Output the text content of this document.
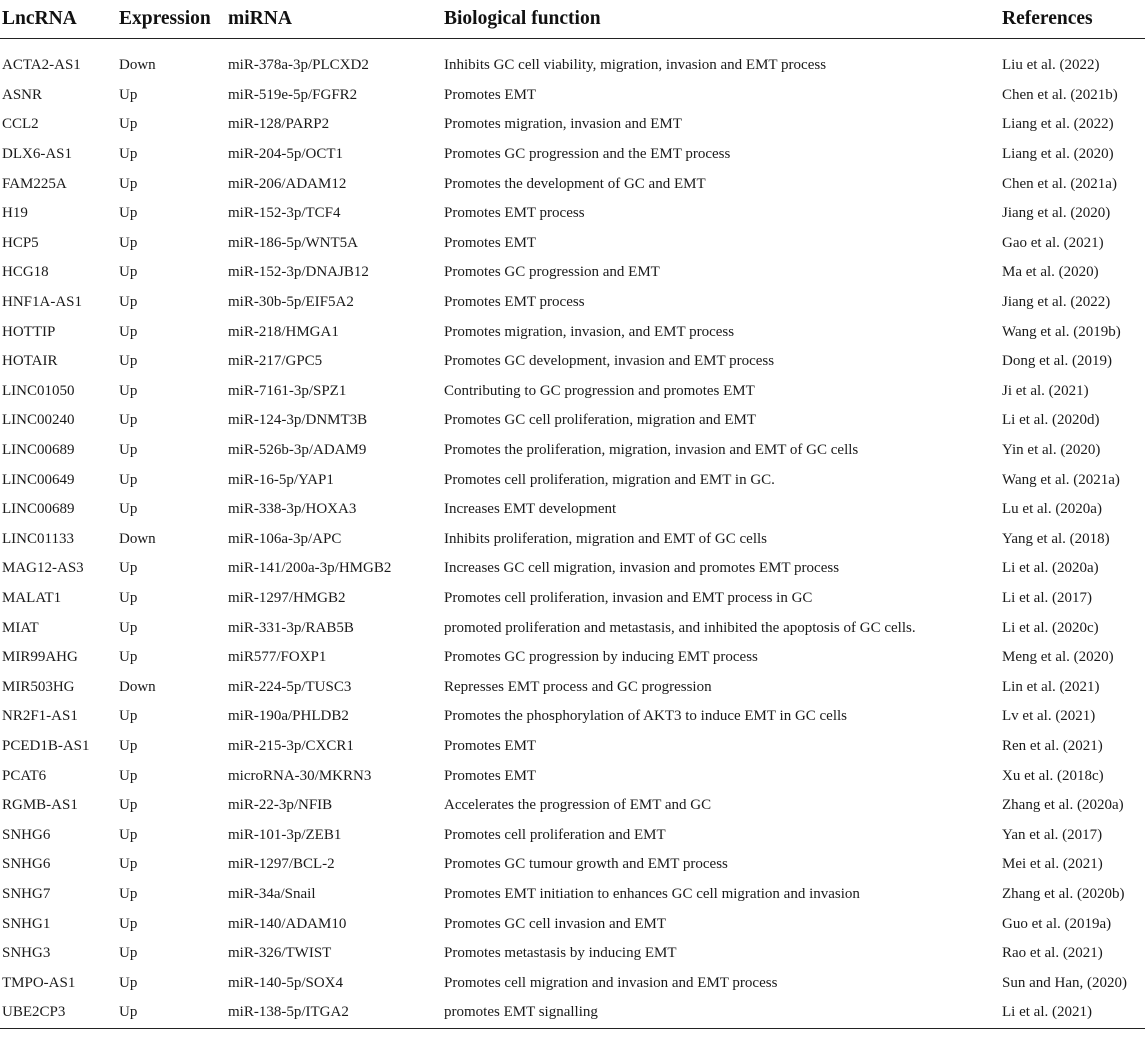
LncRNA	Expression	miRNA	Biological function	References
ACTA2-AS1	Down	miR-378a-3p/PLCXD2	Inhibits GC cell viability, migration, invasion and EMT process	Liu et al. (2022)
ASNR	Up	miR-519e-5p/FGFR2	Promotes EMT	Chen et al. (2021b)
CCL2	Up	miR-128/PARP2	Promotes migration, invasion and EMT	Liang et al. (2022)
DLX6-AS1	Up	miR-204-5p/OCT1	Promotes GC progression and the EMT process	Liang et al. (2020)
FAM225A	Up	miR-206/ADAM12	Promotes the development of GC and EMT	Chen et al. (2021a)
H19	Up	miR-152-3p/TCF4	Promotes EMT process	Jiang et al. (2020)
HCP5	Up	miR-186-5p/WNT5A	Promotes EMT	Gao et al. (2021)
HCG18	Up	miR-152-3p/DNAJB12	Promotes GC progression and EMT	Ma et al. (2020)
HNF1A-AS1	Up	miR-30b-5p/EIF5A2	Promotes EMT process	Jiang et al. (2022)
HOTTIP	Up	miR-218/HMGA1	Promotes migration, invasion, and EMT process	Wang et al. (2019b)
HOTAIR	Up	miR-217/GPC5	Promotes GC development, invasion and EMT process	Dong et al. (2019)
LINC01050	Up	miR-7161-3p/SPZ1	Contributing to GC progression and promotes EMT	Ji et al. (2021)
LINC00240	Up	miR-124-3p/DNMT3B	Promotes GC cell proliferation, migration and EMT	Li et al. (2020d)
LINC00689	Up	miR-526b-3p/ADAM9	Promotes the proliferation, migration, invasion and EMT of GC cells	Yin et al. (2020)
LINC00649	Up	miR-16-5p/YAP1	Promotes cell proliferation, migration and EMT in GC.	Wang et al. (2021a)
LINC00689	Up	miR-338-3p/HOXA3	Increases EMT development	Lu et al. (2020a)
LINC01133	Down	miR-106a-3p/APC	Inhibits proliferation, migration and EMT of GC cells	Yang et al. (2018)
MAG12-AS3	Up	miR-141/200a-3p/HMGB2	Increases GC cell migration, invasion and promotes EMT process	Li et al. (2020a)
MALAT1	Up	miR-1297/HMGB2	Promotes cell proliferation, invasion and EMT process in GC	Li et al. (2017)
MIAT	Up	miR-331-3p/RAB5B	promoted proliferation and metastasis, and inhibited the apoptosis of GC cells.	Li et al. (2020c)
MIR99AHG	Up	miR577/FOXP1	Promotes GC progression by inducing EMT process	Meng et al. (2020)
MIR503HG	Down	miR-224-5p/TUSC3	Represses EMT process and GC progression	Lin et al. (2021)
NR2F1-AS1	Up	miR-190a/PHLDB2	Promotes the phosphorylation of AKT3 to induce EMT in GC cells	Lv et al. (2021)
PCED1B-AS1	Up	miR-215-3p/CXCR1	Promotes EMT	Ren et al. (2021)
PCAT6	Up	microRNA-30/MKRN3	Promotes EMT	Xu et al. (2018c)
RGMB-AS1	Up	miR-22-3p/NFIB	Accelerates the progression of EMT and GC	Zhang et al. (2020a)
SNHG6	Up	miR-101-3p/ZEB1	Promotes cell proliferation and EMT	Yan et al. (2017)
SNHG6	Up	miR-1297/BCL-2	Promotes GC tumour growth and EMT process	Mei et al. (2021)
SNHG7	Up	miR-34a/Snail	Promotes EMT initiation to enhances GC cell migration and invasion	Zhang et al. (2020b)
SNHG1	Up	miR-140/ADAM10	Promotes GC cell invasion and EMT	Guo et al. (2019a)
SNHG3	Up	miR-326/TWIST	Promotes metastasis by inducing EMT	Rao et al. (2021)
TMPO-AS1	Up	miR-140-5p/SOX4	Promotes cell migration and invasion and EMT process	Sun and Han, (2020)
UBE2CP3	Up	miR-138-5p/ITGA2	promotes EMT signalling	Li et al. (2021)
